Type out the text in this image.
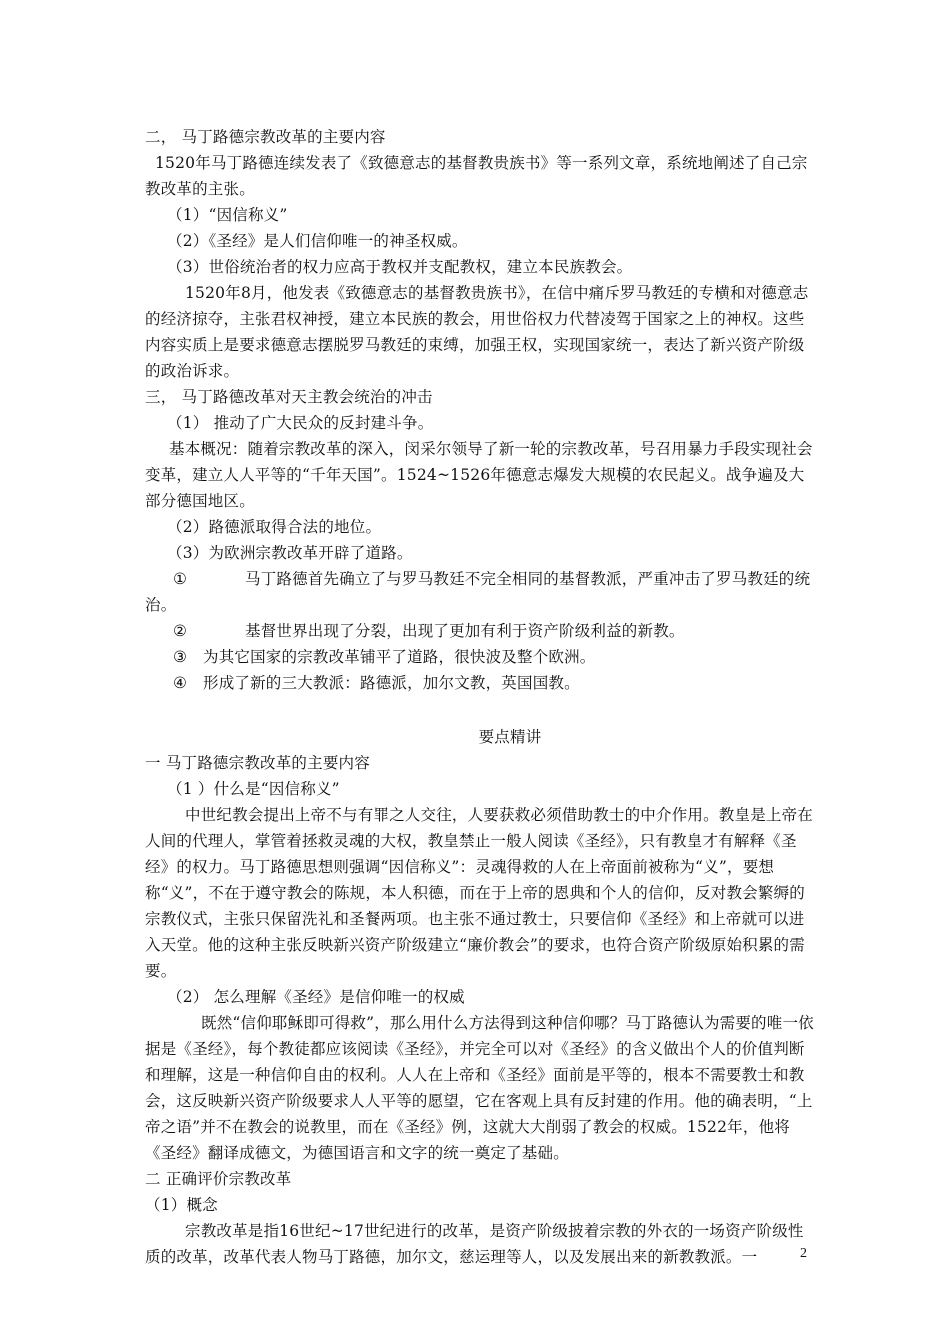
二， 马丁路德宗教改革的主要内容

1520年马丁路德连续发表了《致德意志的基督教贵族书》等一系列文章，系统地阐述了自己宗教改革的主张。

（1）“因信称义”

（2）《圣经》是人们信仰唯一的神圣权威。

（3）世俗统治者的权力应高于教权并支配教权，建立本民族教会。

1520年8月，他发表《致德意志的基督教贵族书》，在信中痛斥罗马教廷的专横和对德意志的经济掠夺，主张君权神授，建立本民族的教会，用世俗权力代替凌驾于国家之上的神权。这些内容实质上是要求德意志摆脱罗马教廷的束缚，加强王权，实现国家统一，表达了新兴资产阶级的政治诉求。

三， 马丁路德改革对天主教会统治的冲击

（1） 推动了广大民众的反封建斗争。

基本概况：随着宗教改革的深入，闵采尔领导了新一轮的宗教改革，号召用暴力手段实现社会变革，建立人人平等的“千年天国”。1524~1526年德意志爆发大规模的农民起义。战争遍及大部分德国地区。

（2）路德派取得合法的地位。

（3）为欧洲宗教改革开辟了道路。

①	马丁路德首先确立了与罗马教廷不完全相同的基督教派，严重冲击了罗马教廷的统治。

②	基督世界出现了分裂，出现了更加有利于资产阶级利益的新教。

③ 为其它国家的宗教改革铺平了道路，很快波及整个欧洲。

④ 形成了新的三大教派：路德派，加尔文教，英国国教。

要点精讲

一 马丁路德宗教改革的主要内容

（1 ）什么是“因信称义”

中世纪教会提出上帝不与有罪之人交往，人要获救必须借助教士的中介作用。教皇是上帝在人间的代理人，掌管着拯救灵魂的大权，教皇禁止一般人阅读《圣经》，只有教皇才有解释《圣经》的权力。马丁路德思想则强调“因信称义”：灵魂得救的人在上帝面前被称为“义”，要想称“义”，不在于遵守教会的陈规，本人积德，而在于上帝的恩典和个人的信仰，反对教会繁缛的宗教仪式，主张只保留洗礼和圣餐两项。也主张不通过教士，只要信仰《圣经》和上帝就可以进入天堂。他的这种主张反映新兴资产阶级建立“廉价教会”的要求，也符合资产阶级原始积累的需要。

（2） 怎么理解《圣经》是信仰唯一的权威

既然“信仰耶稣即可得救”，那么用什么方法得到这种信仰哪？马丁路德认为需要的唯一依据是《圣经》，每个教徒都应该阅读《圣经》，并完全可以对《圣经》的含义做出个人的价值判断和理解，这是一种信仰自由的权利。人人在上帝和《圣经》面前是平等的，根本不需要教士和教会，这反映新兴资产阶级要求人人平等的愿望，它在客观上具有反封建的作用。他的确表明，“上帝之语”并不在教会的说教里，而在《圣经》例，这就大大削弱了教会的权威。1522年，他将《圣经》翻译成德文，为德国语言和文字的统一奠定了基础。

二 正确评价宗教改革

（1）概念

宗教改革是指16世纪~17世纪进行的改革，是资产阶级披着宗教的外衣的一场资产阶级性质的改革，改革代表人物马丁路德，加尔文，慈运理等人，以及发展出来的新教教派。一	2
